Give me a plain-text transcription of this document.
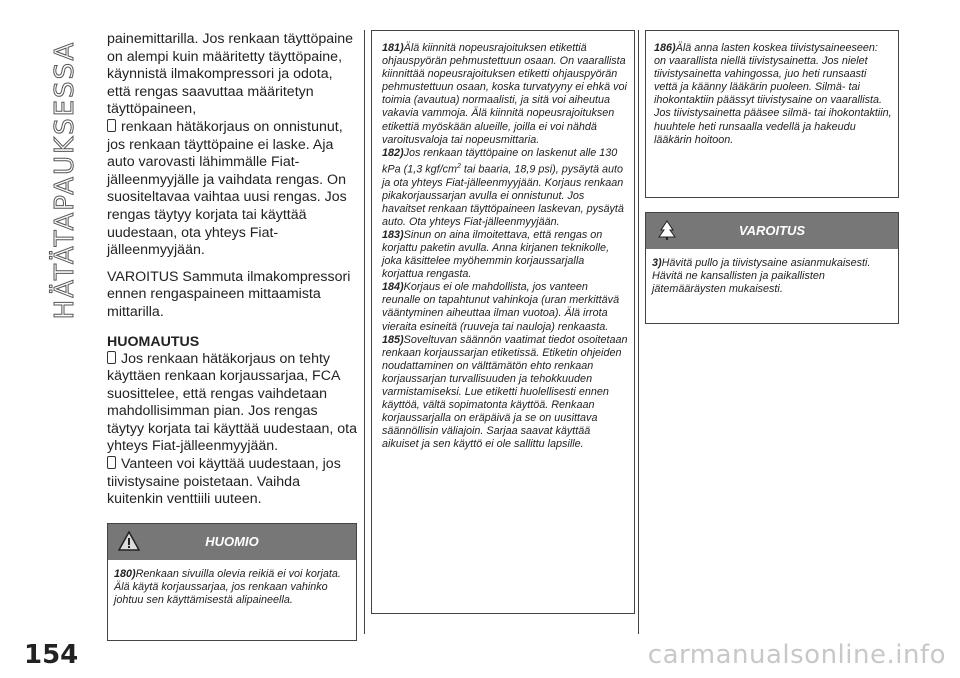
HÄTÄTAPAUKSESSA

painemittarilla. Jos renkaan täyttöpaine on alempi kuin määritetty täyttöpaine, käynnistä ilmakompressori ja odota, että rengas saavuttaa määritetyn täyttöpaineen,

renkaan hätäkorjaus on onnistunut, jos renkaan täyttöpaine ei laske. Aja auto varovasti lähimmälle Fiat-jälleenmyyjälle ja vaihdata rengas. On suositeltavaa vaihtaa uusi rengas. Jos rengas täytyy korjata tai käyttää uudestaan, ota yhteys Fiat-jälleenmyyjään.

VAROITUS Sammuta ilmakompressori ennen rengaspaineen mittaamista mittarilla.

HUOMAUTUS

Jos renkaan hätäkorjaus on tehty käyttäen renkaan korjaussarjaa, FCA suosittelee, että rengas vaihdetaan mahdollisimman pian. Jos rengas täytyy korjata tai käyttää uudestaan, ota yhteys Fiat-jälleenmyyjään.

Vanteen voi käyttää uudestaan, jos tiivistysaine poistetaan. Vaihda kuitenkin venttiili uuteen.

HUOMIO

180)Renkaan sivuilla olevia reikiä ei voi korjata. Älä käytä korjaussarjaa, jos renkaan vahinko johtuu sen käyttämisestä alipaineella.

181)Älä kiinnitä nopeusrajoituksen etikettiä ohjauspyörän pehmustettuun osaan. On vaarallista kiinnittää nopeusrajoituksen etiketti ohjauspyörän pehmustettuun osaan, koska turvatyyny ei ehkä voi toimia (avautua) normaalisti, ja sitä voi aiheutua vakavia vammoja. Älä kiinnitä nopeusrajoituksen etikettiä myöskään alueille, joilla ei voi nähdä varoitusvaloja tai nopeusmittaria.

182)Jos renkaan täyttöpaine on laskenut alle 130 kPa (1,3 kgf/$cm^2$ tai baaria, 18,9 psi), pysäytä auto ja ota yhteys Fiat-jälleenmyyjään. Korjaus renkaan pikakorjaussarjan avulla ei onnistunut. Jos havaitset renkaan täyttöpaineen laskevan, pysäytä auto. Ota yhteys Fiat-jälleenmyyjään.

183)Sinun on aina ilmoitettava, että rengas on korjattu paketin avulla. Anna kirjanen teknikolle, joka käsittelee myöhemmin korjaussarjalla korjattua rengasta.

184)Korjaus ei ole mahdollista, jos vanteen reunalle on tapahtunut vahinkoja (uran merkittävä vääntyminen aiheuttaa ilman vuotoa). Älä irrota vieraita esineitä (ruuveja tai nauloja) renkaasta.

185)Soveltuvan säännön vaatimat tiedot osoitetaan renkaan korjaussarjan etiketissä. Etiketin ohjeiden noudattaminen on välttämätön ehto renkaan korjaussarjan turvallisuuden ja tehokkuuden varmistamiseksi. Lue etiketti huolellisesti ennen käyttöä, vältä sopimatonta käyttöä. Renkaan korjaussarjalla on eräpäivä ja se on uusittava säännöllisin väliajoin. Sarjaa saavat käyttää aikuiset ja sen käyttö ei ole sallittu lapsille.

186)Älä anna lasten koskea tiivistysaineeseen: on vaarallista niellä tiivistysainetta. Jos nielet tiivistysainetta vahingossa, juo heti runsaasti vettä ja käänny lääkärin puoleen. Silmä- tai ihokontaktiin päässyt tiivistysaine on vaarallista. Jos tiivistysainetta pääsee silmä- tai ihokontaktiin, huuhtele heti runsaalla vedellä ja hakeudu lääkärin hoitoon.

VAROITUS

3)Hävitä pullo ja tiivistysaine asianmukaisesti. Hävitä ne kansallisten ja paikallisten jätemääräysten mukaisesti.

154	carmanualsonline.info
